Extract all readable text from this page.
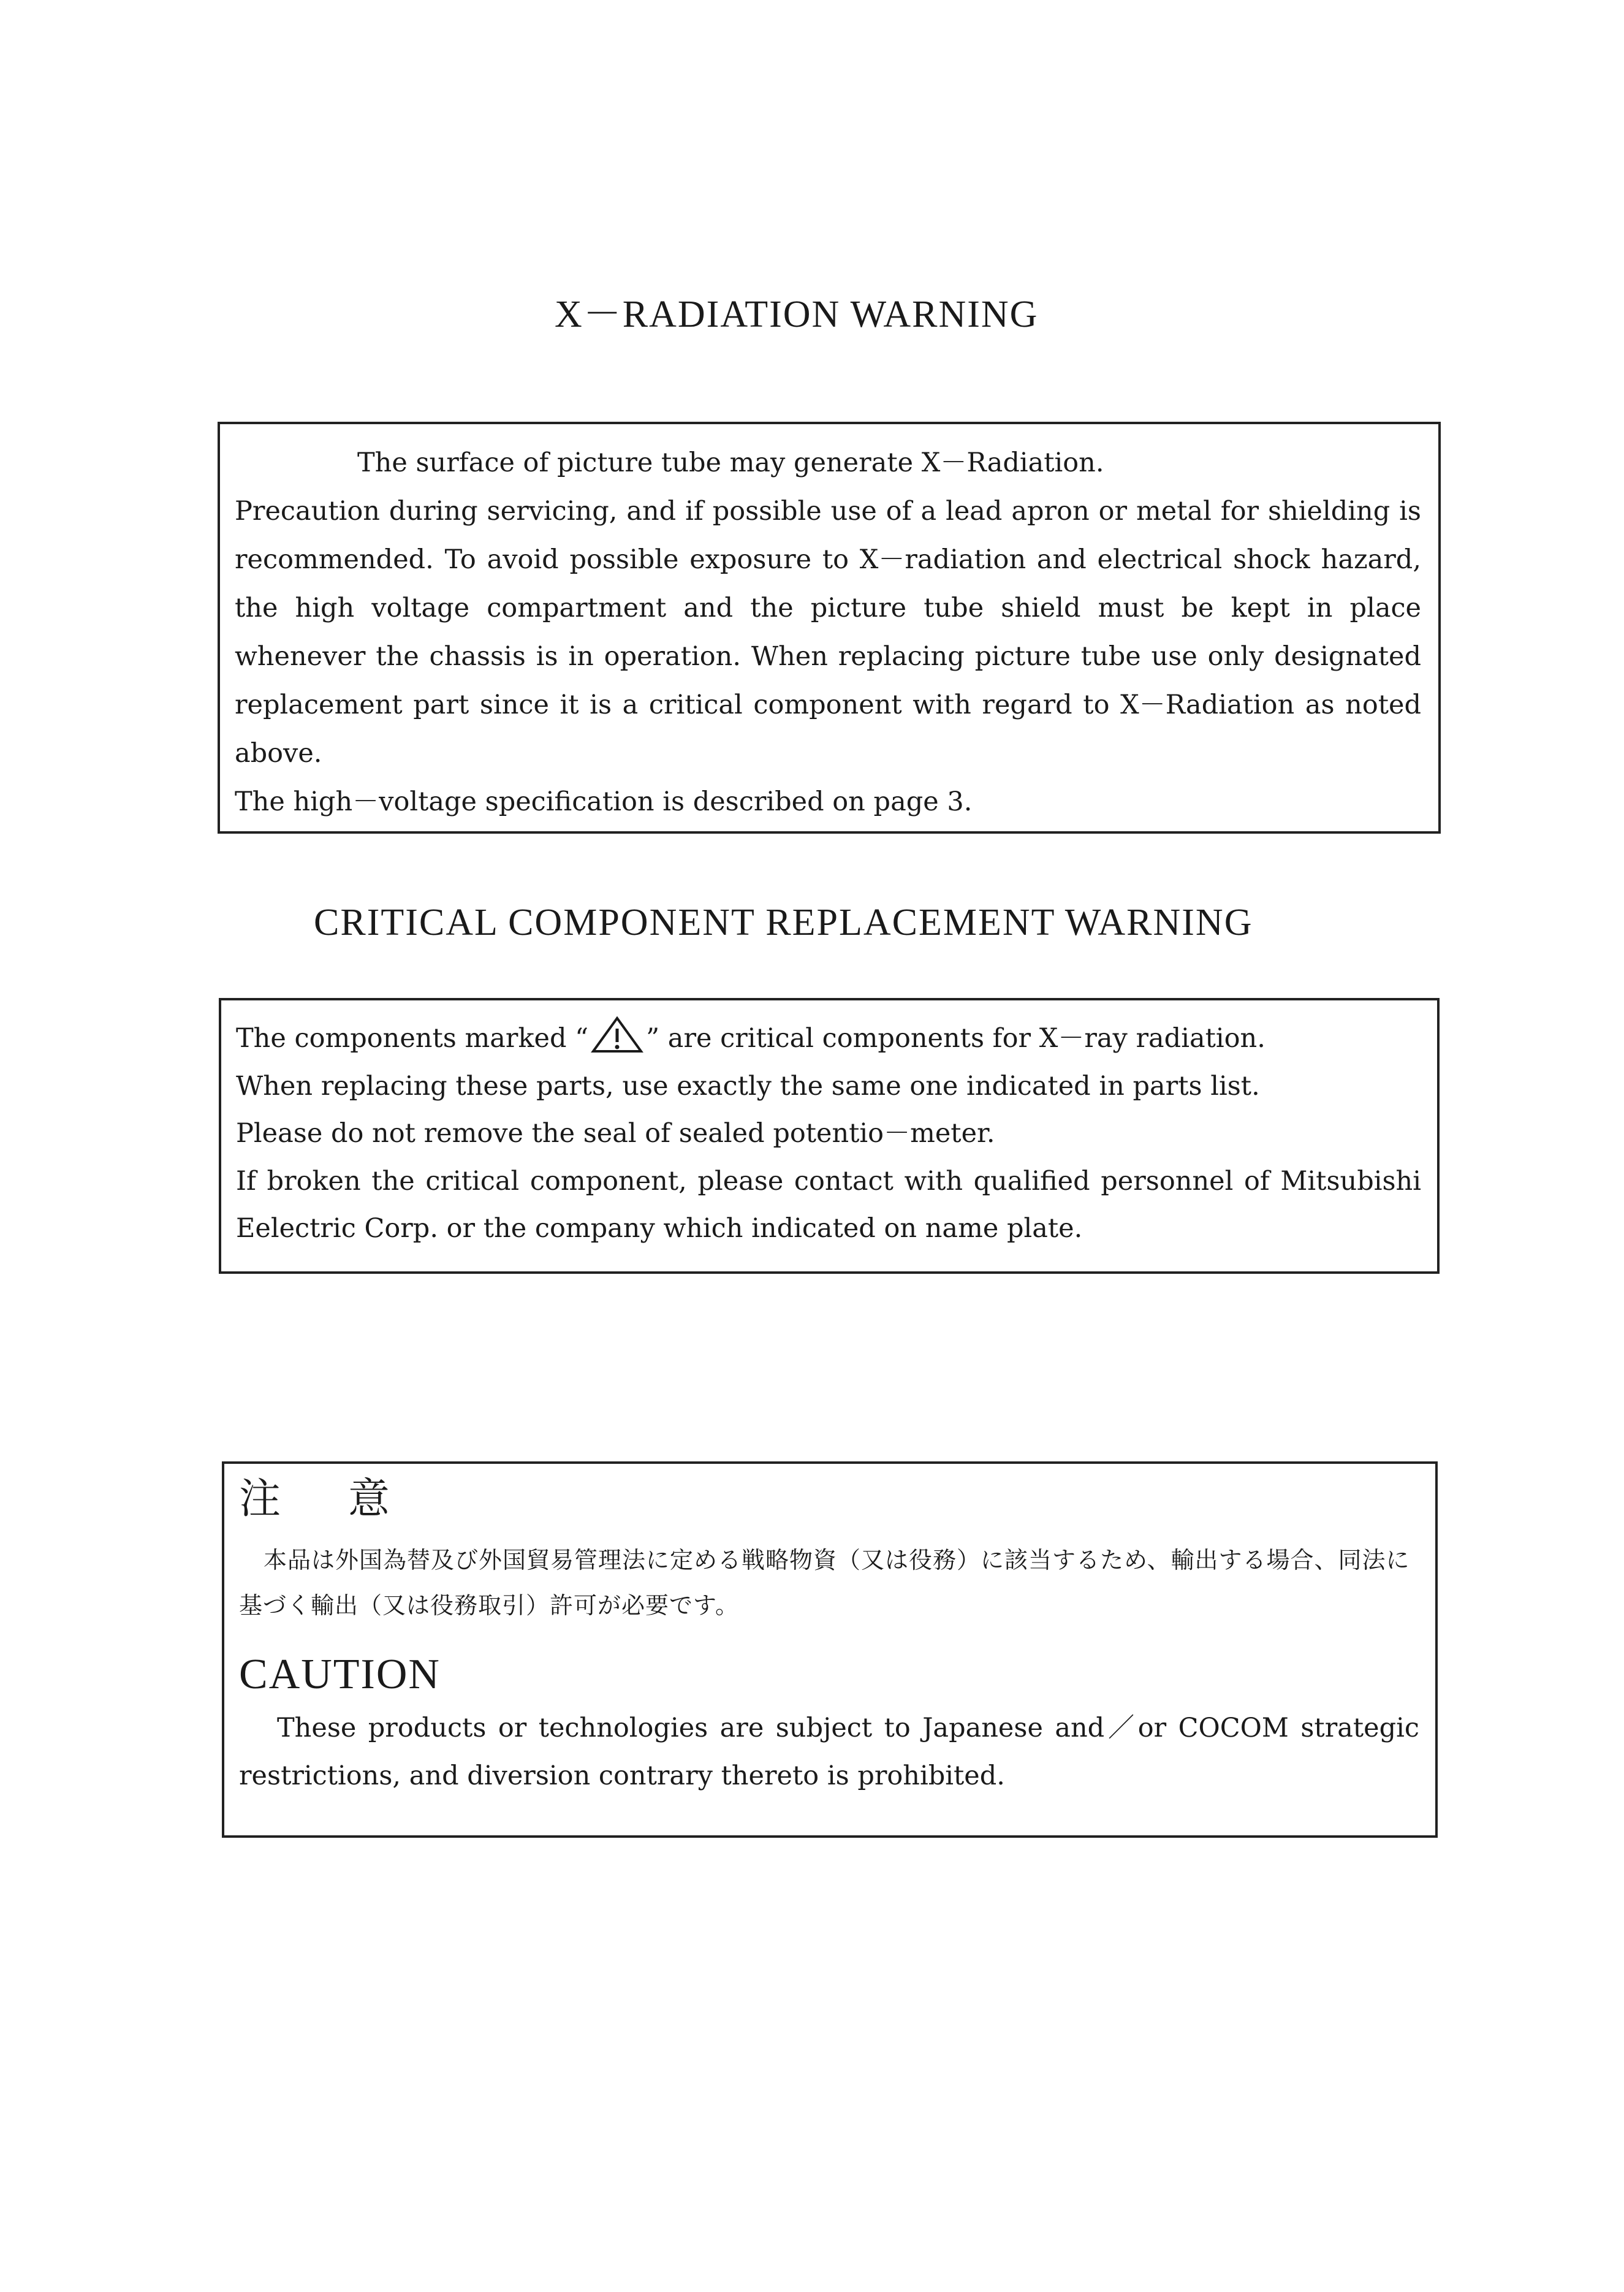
X－RADIATION WARNING

The surface of picture tube may generate X－Radiation.

Precaution during servicing, and if possible use of a lead apron or metal for shielding is recommended. To avoid possible exposure to X－radiation and electrical shock hazard, the high voltage compartment and the picture tube shield must be kept in place whenever the chassis is in operation. When replacing picture tube use only designated replacement part since it is a critical component with regard to X－Radiation as noted above.

The high－voltage specification is described on page 3.

CRITICAL COMPONENT REPLACEMENT WARNING

The components marked “ ” are critical components for X－ray radiation.

When replacing these parts, use exactly the same one indicated in parts list.

Please do not remove the seal of sealed potentio－meter.

If broken the critical component, please contact with qualified personnel of Mitsubishi Eelectric Corp. or the company which indicated on name plate.

注意

本品は外国為替及び外国貿易管理法に定める戦略物資（又は役務）に該当するため、輸出する場合、同法に基づく輸出（又は役務取引）許可が必要です。

CAUTION

These products or technologies are subject to Japanese and／or COCOM strategic restrictions, and diversion contrary thereto is prohibited.
